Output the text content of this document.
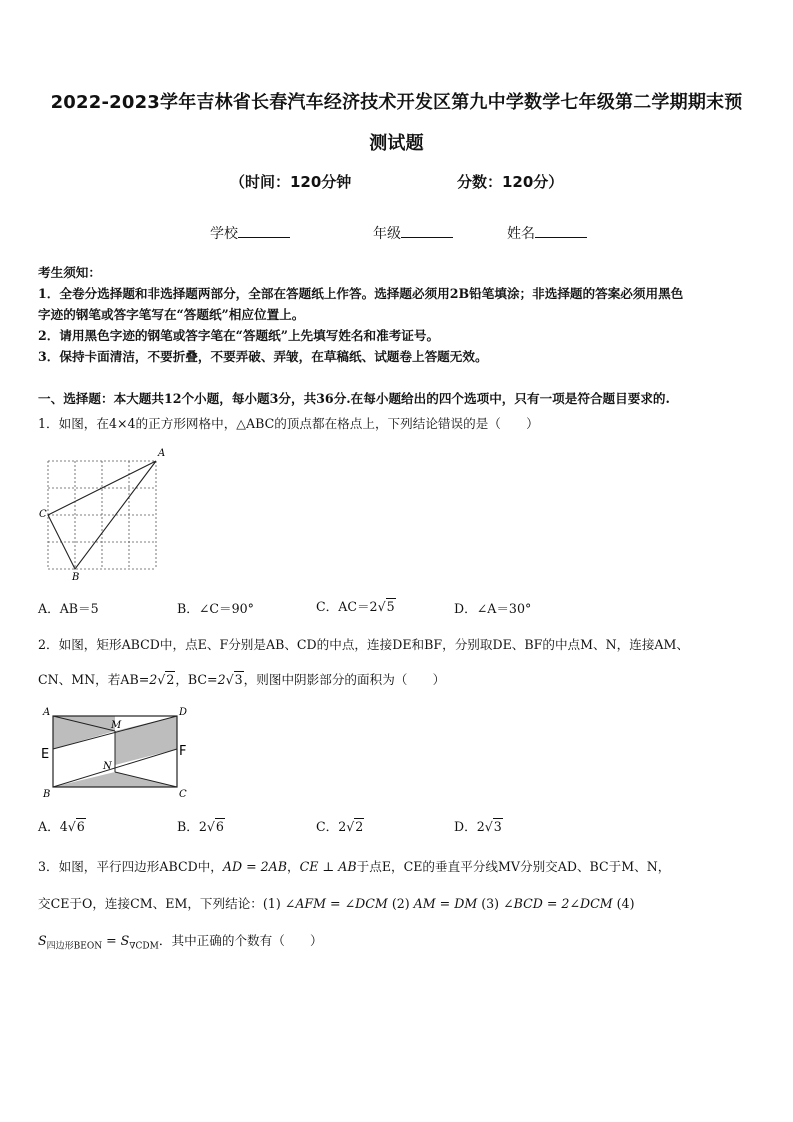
2022-2023学年吉林省长春汽车经济技术开发区第九中学数学七年级第二学期期末预
测试题
（时间：120分钟	分数：120分）
学校	年级	姓名
考生须知：
1．全卷分选择题和非选择题两部分，全部在答题纸上作答。选择题必须用2B铅笔填涂；非选择题的答案必须用黑色
字迹的钢笔或答字笔写在“答题纸”相应位置上。
2．请用黑色字迹的钢笔或答字笔在“答题纸”上先填写姓名和准考证号。
3．保持卡面清洁，不要折叠，不要弄破、弄皱，在草稿纸、试题卷上答题无效。
一、选择题：本大题共12个小题，每小题3分，共36分.在每小题给出的四个选项中，只有一项是符合题目要求的.
1．如图，在4×4的正方形网格中，△ABC的顶点都在格点上，下列结论错误的是（　　）
A
C
B
A．AB＝5	B．∠C＝90°	C．AC＝2√5	D．∠A＝30°
2．如图，矩形ABCD中，点E、F分别是AB、CD的中点，连接DE和BF，分别取DE、BF的中点M、N，连接AM、
CN、MN，若AB=2√2，BC=2√3，则图中阴影部分的面积为（　　）
A	D
E	F
M
N
B	C
A．4√6	B．2√6	C．2√2	D．2√3
3．如图，平行四边形ABCD中，AD = 2AB，CE ⊥ AB于点E，CE的垂直平分线MV分别交AD、BC于M、N，
交CE于O，连接CM、EM，下列结论：(1) ∠AFM = ∠DCM (2) AM = DM (3) ∠BCD = 2∠DCM (4)
$S_{四边形BEON} = S_{\nabla CDM}$．其中正确的个数有（　　）
